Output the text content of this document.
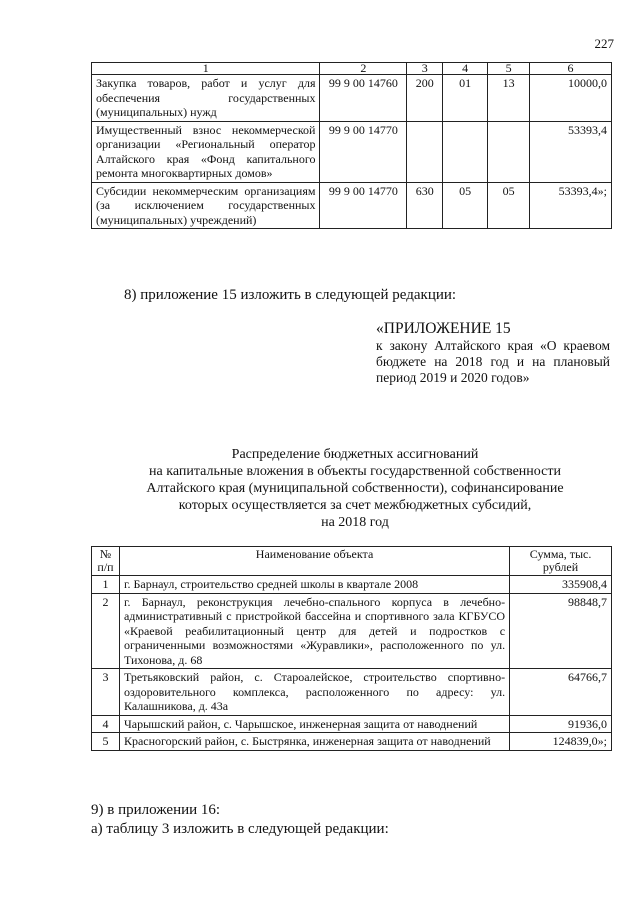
227
1	2	3	4	5	6
Закупка товаров, работ и услуг для обеспечения государственных (муниципальных) нужд	99 9 00 14760	200	01	13	10000,0
Имущественный взнос некоммерческой организации «Региональный оператор Алтайского края «Фонд капитального ремонта многоквартирных домов»	99 9 00 14770				53393,4
Субсидии некоммерческим организациям (за исключением государственных (муниципальных) учреждений)	99 9 00 14770	630	05	05	53393,4»;
8) приложение 15 изложить в следующей редакции:
«ПРИЛОЖЕНИЕ 15
к закону Алтайского края «О краевом бюджете на 2018 год и на плановый период 2019 и 2020 годов»
Распределение бюджетных ассигнований
на капитальные вложения в объекты государственной собственности
Алтайского края (муниципальной собственности), софинансирование
которых осуществляется за счет межбюджетных субсидий,
на 2018 год
№ п/п	Наименование объекта	Сумма, тыс. рублей
1	г. Барнаул, строительство средней школы в квартале 2008	335908,4
2	г. Барнаул, реконструкция лечебно-спального корпуса в лечебно-административный с пристройкой бассейна и спортивного зала КГБУСО «Краевой реабилитационный центр для детей и подростков с ограниченными возможностями «Журавлики», расположенного по ул. Тихонова, д. 68	98848,7
3	Третьяковский район, с. Староалейское, строительство спортивно-оздоровительного комплекса, расположенного по адресу: ул. Калашникова, д. 43а	64766,7
4	Чарышский район, с. Чарышское, инженерная защита от наводнений	91936,0
5	Красногорский район, с. Быстрянка, инженерная защита от наводнений	124839,0»;
9) в приложении 16:
а) таблицу 3 изложить в следующей редакции:
